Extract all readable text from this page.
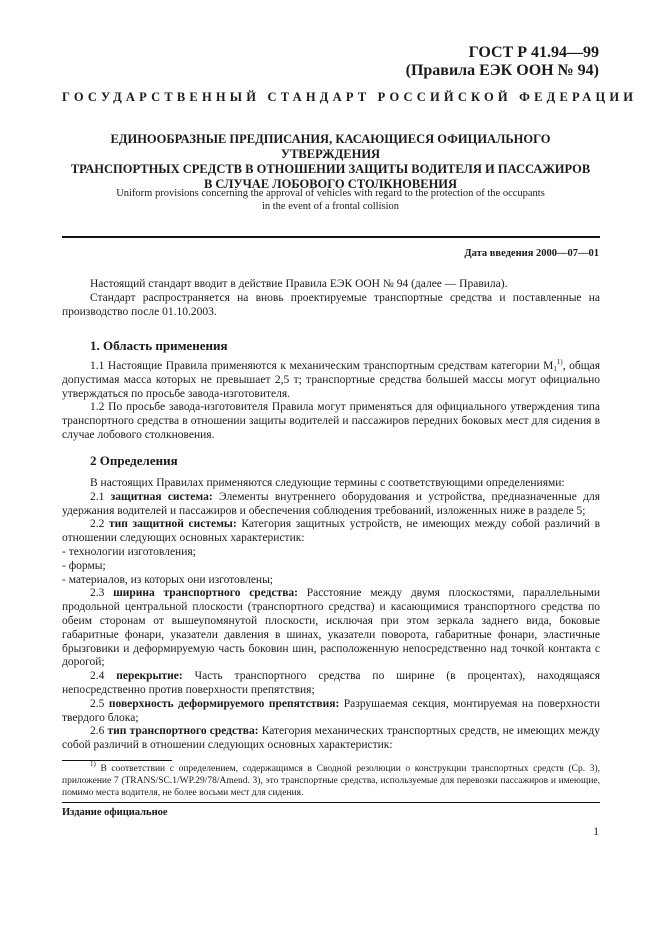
ГОСТ Р 41.94—99
(Правила ЕЭК ООН № 94)
ГОСУДАРСТВЕННЫЙ СТАНДАРТ РОССИЙСКОЙ ФЕДЕРАЦИИ
ЕДИНООБРАЗНЫЕ ПРЕДПИСАНИЯ, КАСАЮЩИЕСЯ ОФИЦИАЛЬНОГО УТВЕРЖДЕНИЯ
ТРАНСПОРТНЫХ СРЕДСТВ В ОТНОШЕНИИ ЗАЩИТЫ ВОДИТЕЛЯ И ПАССАЖИРОВ
В СЛУЧАЕ ЛОБОВОГО СТОЛКНОВЕНИЯ
Uniform provisions concerning the approval of vehicles with regard to the protection of the occupants
in the event of a frontal collision
Дата введения 2000—07—01

Настоящий стандарт вводит в действие Правила ЕЭК ООН № 94 (далее — Правила).

Стандарт распространяется на вновь проектируемые транспортные средства и поставленные на производство после 01.10.2003.

1. Область применения

1.1 Настоящие Правила применяются к механическим транспортным средствам категории $M_1^{1)}$, общая допустимая масса которых не превышает 2,5 т; транспортные средства большей массы могут официально утверждаться по просьбе завода-изготовителя.

1.2 По просьбе завода-изготовителя Правила могут применяться для официального утверждения типа транспортного средства в отношении защиты водителей и пассажиров передних боковых мест для сидения в случае лобового столкновения.

2 Определения

В настоящих Правилах применяются следующие термины с соответствующими определениями:

2.1 защитная система: Элементы внутреннего оборудования и устройства, предназначенные для удержания водителей и пассажиров и обеспечения соблюдения требований, изложенных ниже в разделе 5;

2.2 тип защитной системы: Категория защитных устройств, не имеющих между собой различий в отношении следующих основных характеристик:

- технологии изготовления;

- формы;

- материалов, из которых они изготовлены;

2.3 ширина транспортного средства: Расстояние между двумя плоскостями, параллельными продольной центральной плоскости (транспортного средства) и касающимися транспортного средства по обеим сторонам от вышеупомянутой плоскости, исключая при этом зеркала заднего вида, боковые габаритные фонари, указатели давления в шинах, указатели поворота, габаритные фонари, эластичные брызговики и деформируемую часть боковин шин, расположенную непосредственно над точкой контакта с дорогой;

2.4 перекрытие: Часть транспортного средства по ширине (в процентах), находящаяся непосредственно против поверхности препятствия;

2.5 поверхность деформируемого препятствия: Разрушаемая секция, монтируемая на поверхности твердого блока;

2.6 тип транспортного средства: Категория механических транспортных средств, не имеющих между собой различий в отношении следующих основных характеристик:

$^{1)}$ В соответствии с определением, содержащимся в Сводной резолюции о конструкции транспортных средств (Ср. 3), приложение 7 (TRANS/SC.1/WP.29/78/Amend. 3), это транспортные средства, используемые для перевозки пассажиров и имеющие, помимо места водителя, не более восьми мест для сидения.

Издание официальное
1
